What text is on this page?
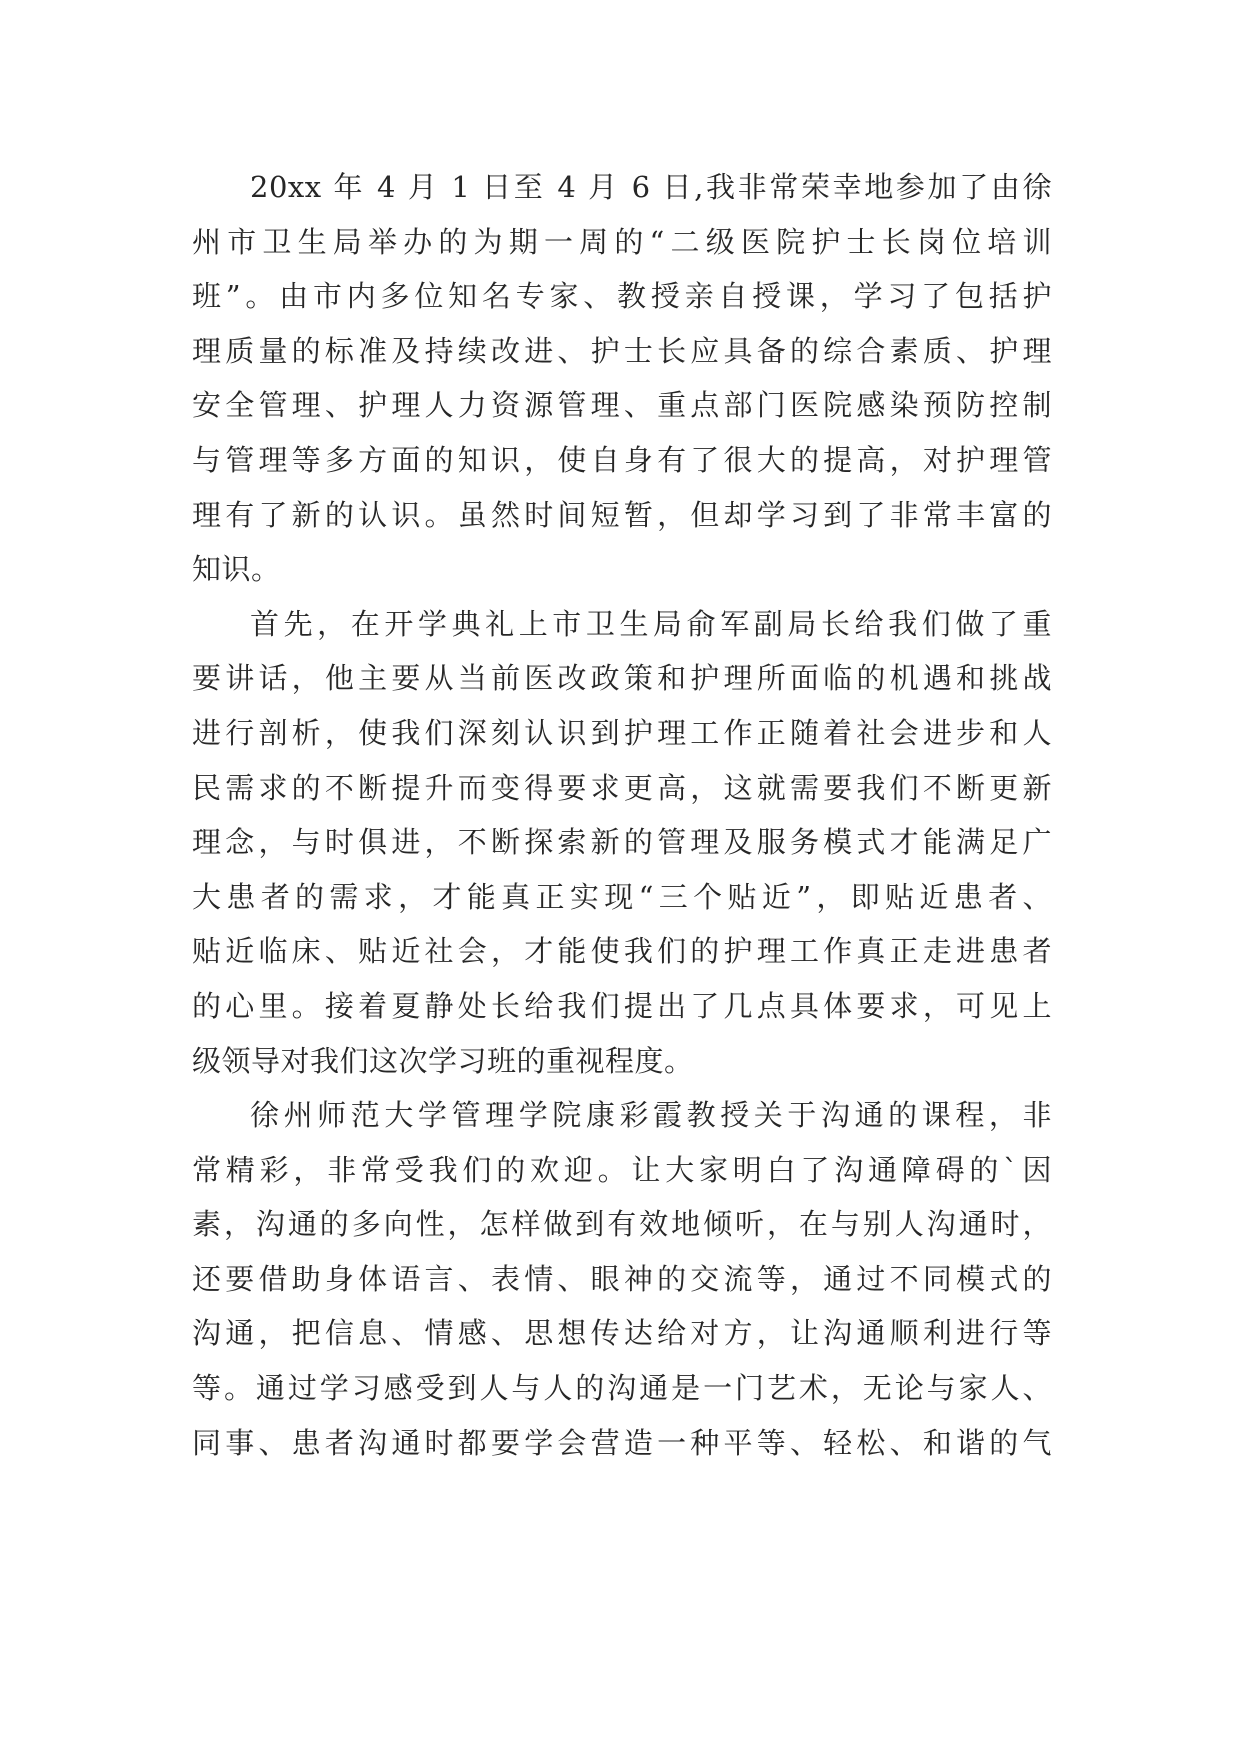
20xx 年 4 月 1 日至 4 月 6 日,我非常荣幸地参加了由徐
州市卫生局举办的为期一周的“二级医院护士长岗位培训
班”。由市内多位知名专家、教授亲自授课，学习了包括护
理质量的标准及持续改进、护士长应具备的综合素质、护理
安全管理、护理人力资源管理、重点部门医院感染预防控制
与管理等多方面的知识，使自身有了很大的提高，对护理管
理有了新的认识。虽然时间短暂，但却学习到了非常丰富的
知识。

首先，在开学典礼上市卫生局俞军副局长给我们做了重
要讲话，他主要从当前医改政策和护理所面临的机遇和挑战
进行剖析，使我们深刻认识到护理工作正随着社会进步和人
民需求的不断提升而变得要求更高，这就需要我们不断更新
理念，与时俱进，不断探索新的管理及服务模式才能满足广
大患者的需求，才能真正实现“三个贴近”，即贴近患者、
贴近临床、贴近社会，才能使我们的护理工作真正走进患者
的心里。接着夏静处长给我们提出了几点具体要求，可见上
级领导对我们这次学习班的重视程度。

徐州师范大学管理学院康彩霞教授关于沟通的课程，非
常精彩，非常受我们的欢迎。让大家明白了沟通障碍的`因
素，沟通的多向性，怎样做到有效地倾听，在与别人沟通时，
还要借助身体语言、表情、眼神的交流等，通过不同模式的
沟通，把信息、情感、思想传达给对方，让沟通顺利进行等
等。通过学习感受到人与人的沟通是一门艺术，无论与家人、
同事、患者沟通时都要学会营造一种平等、轻松、和谐的气
